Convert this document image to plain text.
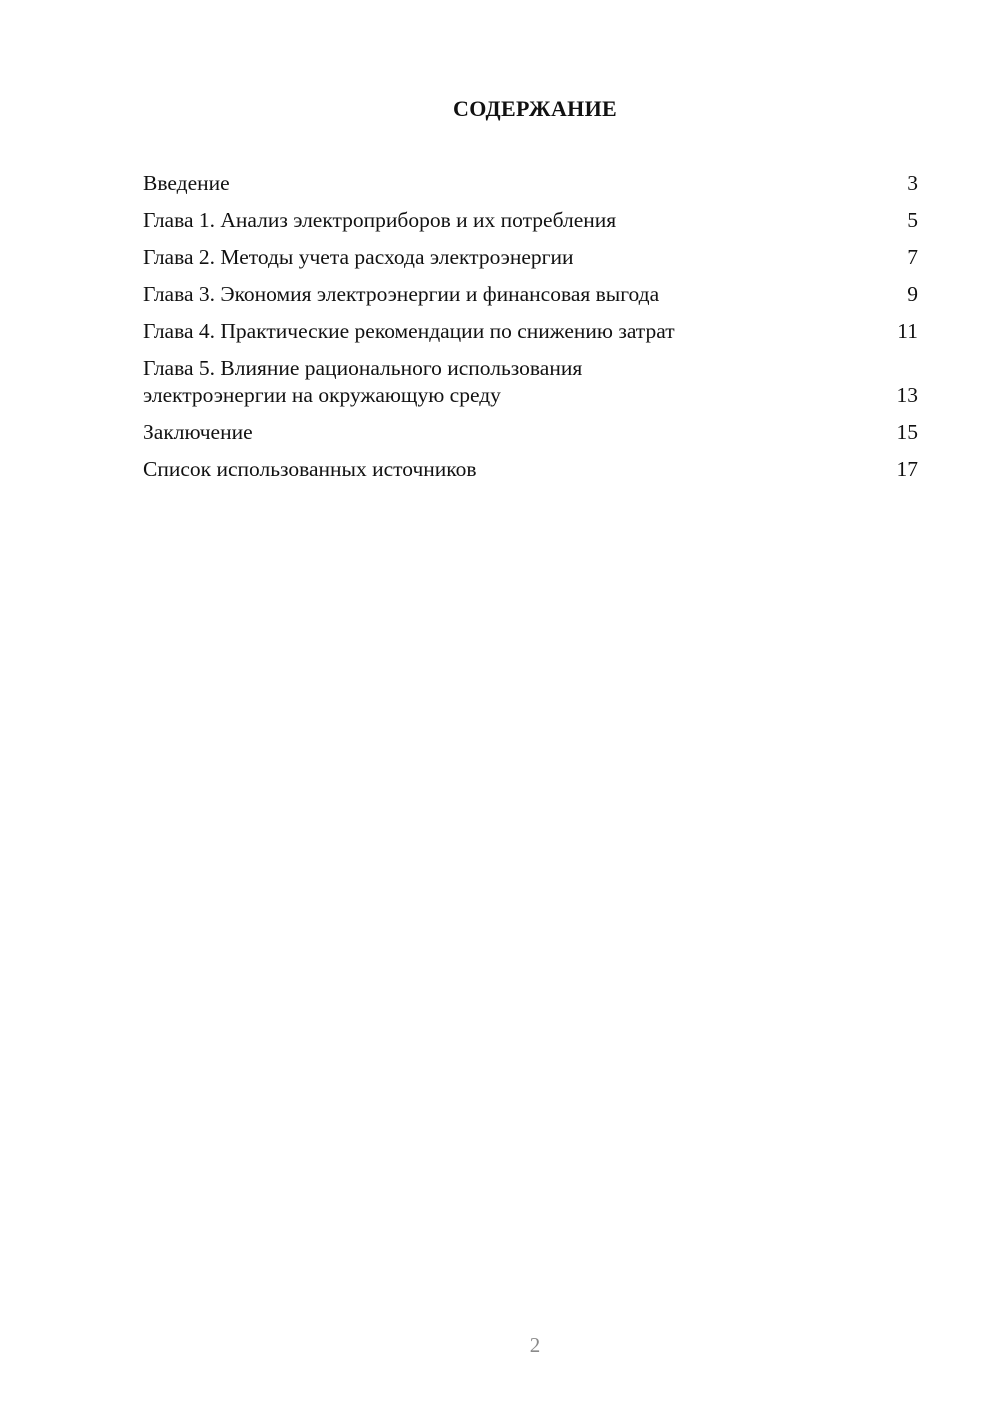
СОДЕРЖАНИЕ
Введение	3
Глава 1. Анализ электроприборов и их потребления	5
Глава 2. Методы учета расхода электроэнергии	7
Глава 3. Экономия электроэнергии и финансовая выгода	9
Глава 4. Практические рекомендации по снижению затрат	11
Глава 5. Влияние рационального использования электроэнергии на окружающую среду	13
Заключение	15
Список использованных источников	17
2
